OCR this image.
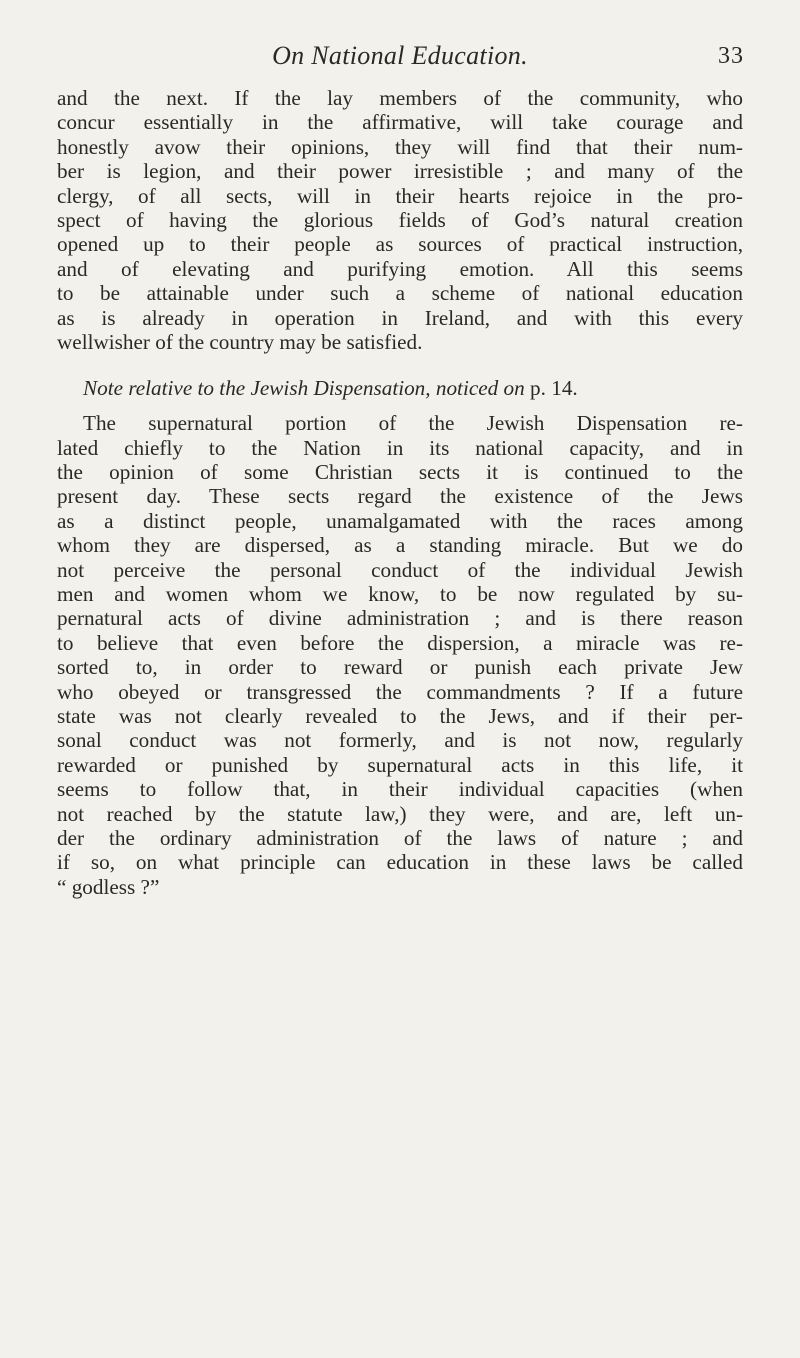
On National Education.	33
and the next. If the lay members of the community, who
concur essentially in the affirmative, will take courage and
honestly avow their opinions, they will find that their num-
ber is legion, and their power irresistible ; and many of the
clergy, of all sects, will in their hearts rejoice in the pro-
spect of having the glorious fields of God’s natural creation
opened up to their people as sources of practical instruction,
and of elevating and purifying emotion. All this seems
to be attainable under such a scheme of national education
as is already in operation in Ireland, and with this every
wellwisher of the country may be satisfied.
Note relative to the Jewish Dispensation, noticed on p. 14.
The supernatural portion of the Jewish Dispensation re-
lated chiefly to the Nation in its national capacity, and in
the opinion of some Christian sects it is continued to the
present day. These sects regard the existence of the Jews
as a distinct people, unamalgamated with the races among
whom they are dispersed, as a standing miracle. But we do
not perceive the personal conduct of the individual Jewish
men and women whom we know, to be now regulated by su-
pernatural acts of divine administration ; and is there reason
to believe that even before the dispersion, a miracle was re-
sorted to, in order to reward or punish each private Jew
who obeyed or transgressed the commandments ? If a future
state was not clearly revealed to the Jews, and if their per-
sonal conduct was not formerly, and is not now, regularly
rewarded or punished by supernatural acts in this life, it
seems to follow that, in their individual capacities (when
not reached by the statute law,) they were, and are, left un-
der the ordinary administration of the laws of nature ; and
if so, on what principle can education in these laws be called
“ godless ?”
